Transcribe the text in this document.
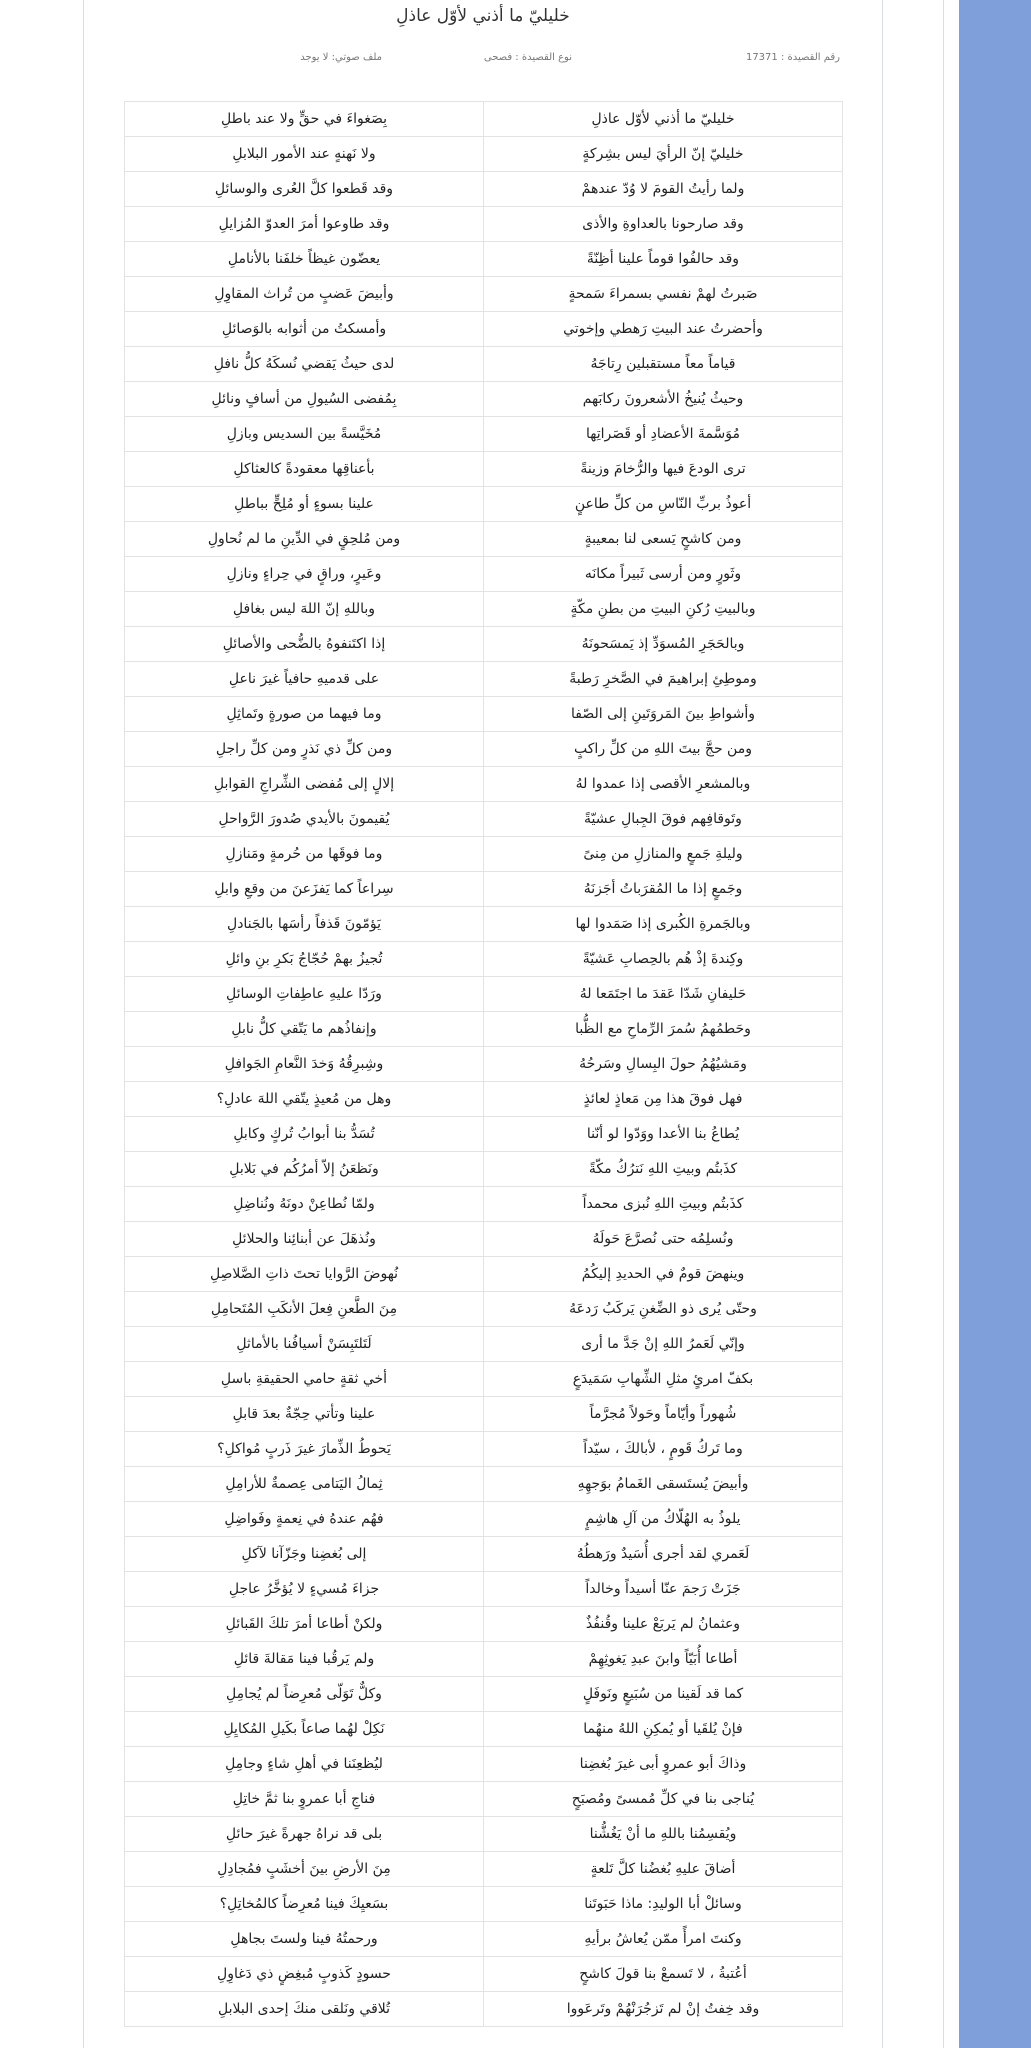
خليليّ ما أذني لأوّل عاذلِ
رقم القصيدة : 17371
نوع القصيدة : فصحى
ملف صوتي: لا يوجد
خليليّ ما أذني لأوّل عاذلِ	بِصَغواءَ في حقٍّ ولا عند باطلِ
خليليّ إنّ الرأيَ ليس بشِركةٍ	ولا نَهنهٍ عند الأمور البلابلِ
ولما رأيتُ القومَ لا وُدّ عندهمْ	وقد قَطعوا كلَّ العُرى والوسائلِ
وقد صارحونا بالعداوةِ والأذى	وقد طاوعوا أمرَ العدوّ المُزايلِ
وقد حالفُوا قوماً علينا أظِنّةً	يعضّون غيظاً خلفَنا بالأناملِ
صَبرتُ لهمْ نفسي بسمراءَ سَمحةٍ	وأبيضَ عَضبٍ من تُراث المقاوِلِ
وأحضرتُ عند البيتِ رَهطي وإخوتي	وأمسكتُ من أثوابه بالوَصائلِ
قياماً معاً مستقبلين رِتاجَهُ	لدى حيثُ يَقضي نُسكَهُ كلُّ نافلِ
وحيثُ يُنيخُ الأشعرونَ ركابَهم	بِمُفضى السُيولِ من أسافٍ ونائلِ
مُوَسَّمةَ الأعضادِ أو قَصَراتِها	مُخَيَّسةً بين السديس وبازلِ
ترى الودعَ فيها والرُّخامَ وزينةً	بأعناقِها معقودةً كالعثاكلِ
أعوذُ بربِّ النّاسِ من كلِّ طاعنٍ	علينا بسوءٍ أو مُلِحٍّ بباطلِ
ومن كاشحٍ يَسعى لنا بمعيبةٍ	ومن مُلحِقٍ في الدِّينِ ما لم نُحاولِ
وثَورٍ ومن أرسى ثَبيراً مكانَه	وعَيرٍ، وراقٍ في حِراءٍ ونازلِ
وبالبيتِ رُكنِ البيتِ من بطنِ مكّةٍ	وباللهِ إنّ اللهَ ليس بغافلِ
وبالحَجَرِ المُسوَدِّ إذ يَمسَحونَهُ	إذا اكتَنفوهُ بالضُّحى والأصائلِ
وموطِئِ إبراهيمَ في الصَّخرِ رَطبةً	على قدميهِ حافياً غيرَ ناعلِ
وأشواطِ بينَ المَروَتَينِ إلى الصّفا	وما فيهما من صورةٍ وتَماثِلِ
ومن حجَّ بيتَ اللهِ من كلِّ راكبٍ	ومن كلِّ ذي نَذرٍ ومن كلِّ راجلِ
وبالمشعرِ الأقصى إذا عمدوا لهُ	إلالٍ إلى مُفضى الشِّراجِ القوابلِ
وتَوقافِهم فوقَ الجِبالِ عشيّةً	يُقيمونَ بالأيدي صُدورَ الرَّواحلِ
وليلةِ جَمعٍ والمنازلِ من مِنىً	وما فوقَها من حُرمةٍ ومَنازلِ
وجَمعٍ إذا ما المُقرَباتُ أجَزنَهُ	سِراعاً كما يَفزَعنَ من وقعِ وابلِ
وبالجَمرةِ الكُبرى إذا صَمَدوا لها	يَؤمّونَ قَذفاً رأسَها بالجَنادلِ
وكِندةَ إذْ هُم بالحِصابِ عَشيّةً	تُجيزُ بهمْ حُجّاجُ بَكرِ بنِ وائلِ
حَليفانِ شَدّا عَقدَ ما اجتَمَعا لهُ	ورَدّا عليهِ عاطِفاتِ الوسائلِ
وحَطمُهمُ سُمرَ الرِّماحِ مع الظُّبا	وإنفاذُهم ما يَتّقي كلُّ نابلِ
ومَشيُهُمُ حولَ البِسالِ وسَرحُهُ	وشِبرِقُهُ وَخدَ النَّعامِ الجَوافلِ
فهل فوقَ هذا مِن مَعاذٍ لعائذٍ	وهل من مُعيذٍ يتّقي اللهَ عادلِ؟
يُطاعُ بنا الأعدا ووَدّوا لو أنّنا	تُسَدُّ بنا أبوابُ تُركٍ وكابلِ
كذَبتُم وبيتِ اللهِ نَترُكُ مكّةً	ونَظعَنُ إلاّ أمرُكُم في بَلابلِ
كذَبتُم وبيتِ اللهِ نُبزى محمداً	ولمّا نُطاعِنْ دونَهُ ونُناضِلِ
ونُسلِمُه حتى نُصرَّعَ حَولَهُ	ونُذهَلَ عن أبنائِنا والحلائلِ
وينهضَ قومٌ في الحديدِ إليكُمُ	نُهوضَ الرَّوايا تحتَ ذاتِ الصَّلاصِلِ
وحتّى يُرى ذو الضِّغنِ يَركَبُ رَدعَهُ	مِنَ الطَّعنِ فِعلَ الأنكَبِ المُتَحامِلِ
وإنّي لَعَمرُ اللهِ إنْ جَدَّ ما أرى	لَتَلتَبِسَنْ أسيافُنا بالأماثلِ
بكفّ امرئٍ مثلِ الشِّهابِ سَمَيدَعٍ	أخي ثقةٍ حامي الحقيقةِ باسلِ
شُهوراً وأيّاماً وحَولاً مُجرَّماً	علينا وتأتي حِجّةٌ بعدَ قابلِ
وما تَركُ قَومٍ ، لأبالكَ ، سيّداً	يَحوطُ الذِّمارَ غيرَ ذَربٍ مُواكلِ؟
وأبيضَ يُستَسقى الغَمامُ بوَجهِهِ	ثِمالُ اليَتامى عِصمةٌ للأرامِلِ
يلوذُ به الهُلّاكُ من آلِ هاشِمٍ	فهُم عندهُ في نِعمةٍ وفَواضِلِ
لَعَمري لقد أجرى أُسَيدٌ ورَهطُهُ	إلى بُغضِنا وجَزّآنا لآكلِ
جَزَتْ رَجمَ عنّا أسيداً وخالداً	جزاءَ مُسيءٍ لا يُؤخَّرُ عاجلِ
وعثمانُ لم يَربَعْ علينا وقُنفُذٌ	ولكنْ أطاعا أمرَ تلكَ القَبائلِ
أطاعا أُبَيّاً وابنَ عبدِ يَغوثِهِمْ	ولم يَرقُبا فينا مَقالةَ قائلِ
كما قد لَقينا من سُبَيعٍ ونَوفَلٍ	وكلٌّ تَوَلّى مُعرِضاً لم يُجامِلِ
فإنْ يُلقَيا أو يُمكِنِ اللهُ منهُما	نَكِلْ لهُما صاعاً بكَيلِ المُكايِلِ
وذاكَ أبو عمروٍ أبى غيرَ بُغضِنا	ليُظعِنَنا في أهلِ شاءٍ وجامِلِ
يُناجى بنا في كلِّ مُمسىً ومُصبَحٍ	فناجِ أبا عمروٍ بنا ثمَّ خاتِلِ
ويُقسِمُنا باللهِ ما أنْ يَغُشُّنا	بلى قد نراهُ جهرةً غيرَ حائلِ
أضاقَ عليهِ بُغضُنا كلَّ تَلعةٍ	مِنَ الأرضِ بينَ أخشَبٍ فمُجادِلِ
وسائلْ أبا الوليدِ: ماذا حَبَوتَنا	بسَعيِكَ فينا مُعرِضاً كالمُخاتِلِ؟
وكنتَ امرأً ممّن يُعاشُ برأيهِ	ورحمتُهُ فينا ولستَ بجاهلِ
أعُتبةُ ، لا تَسمعْ بنا قولَ كاشحٍ	حسودٍ كَذوبٍ مُبغِضٍ ذي دَغاوِلِ
وقد خِفتُ إنْ لم تَزجُرَنْهُمْ وتَرعَووا	تُلاقي ونَلقى منكَ إحدى البلابلِ
